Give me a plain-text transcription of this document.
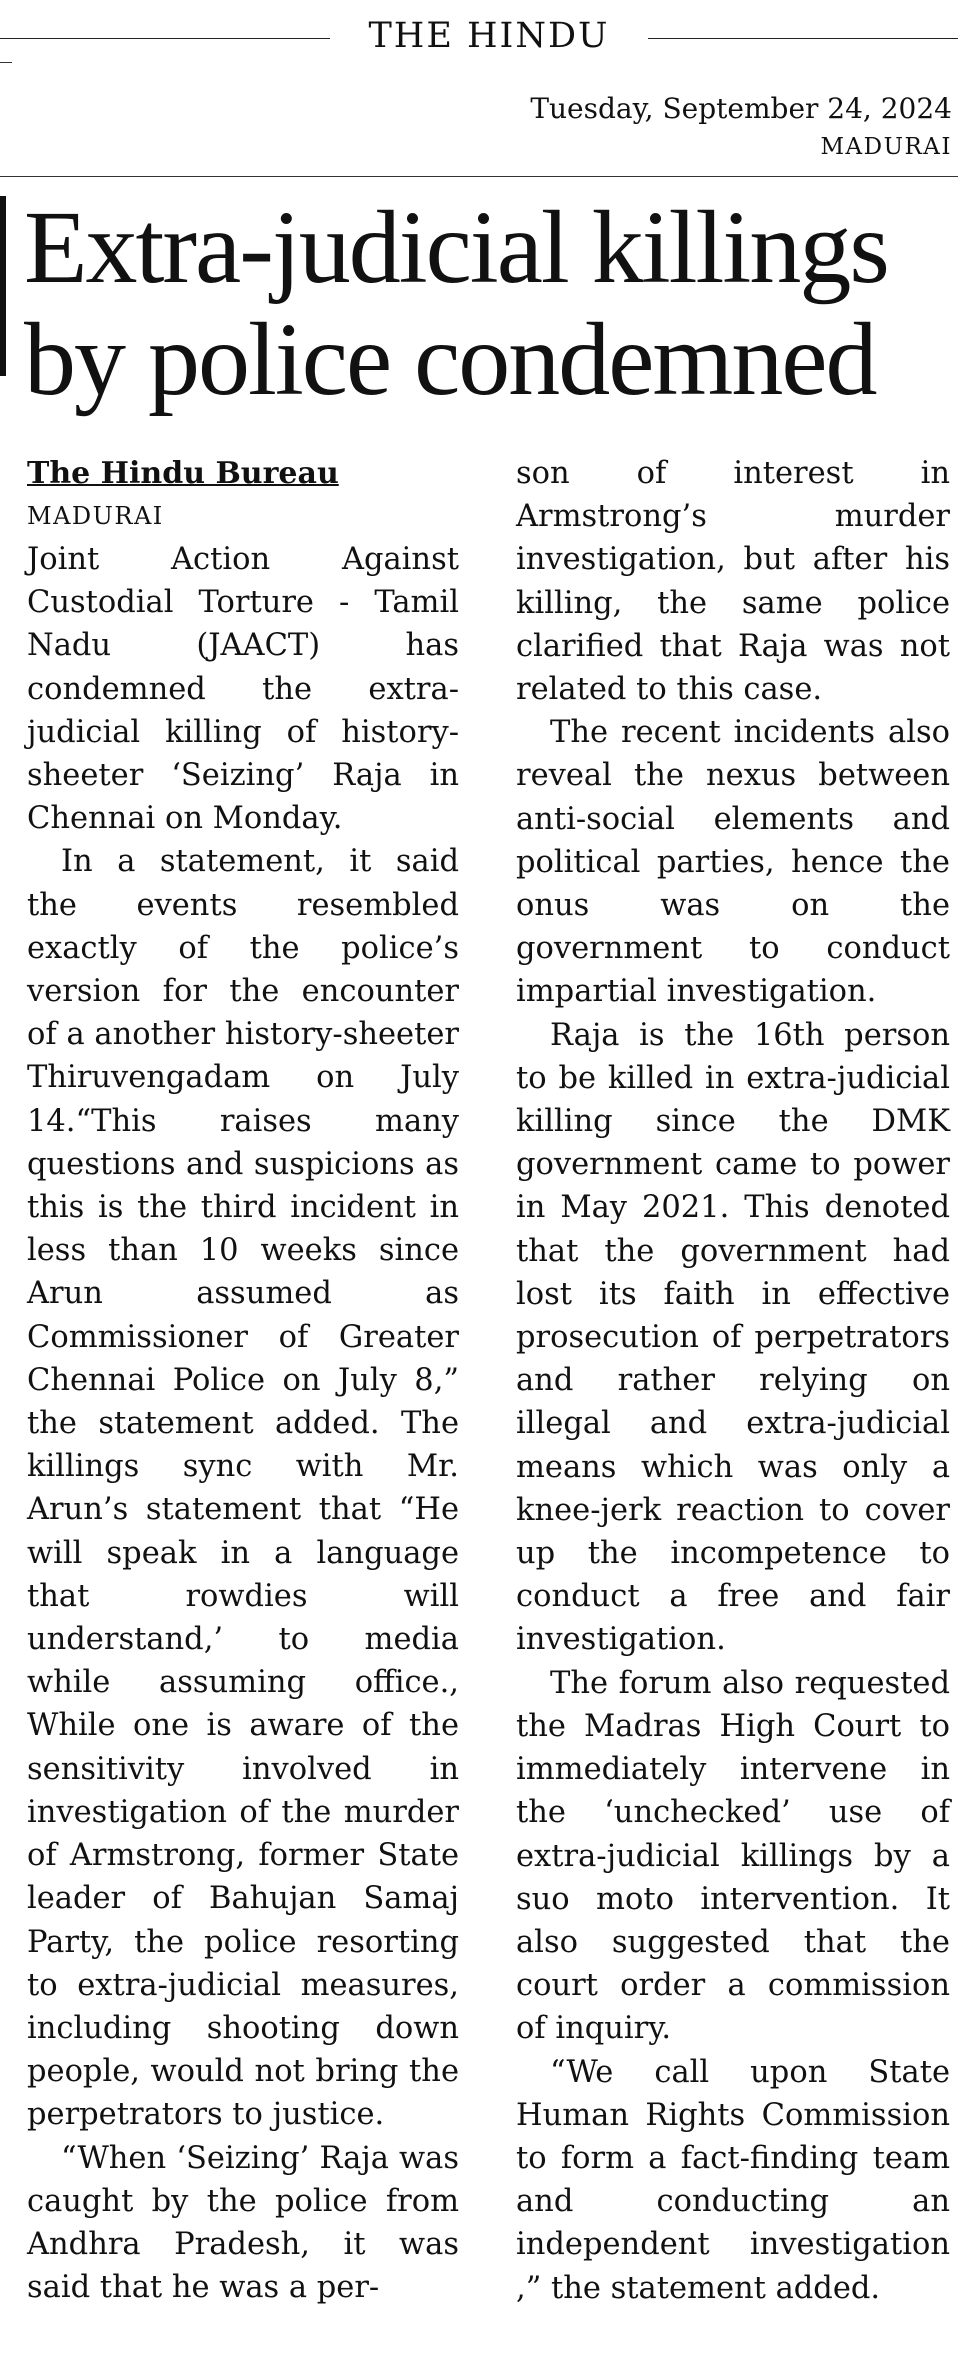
THE HINDU
Tuesday, September 24, 2024
MADURAI
Extra-judicial killings by police condemned

The Hindu Bureau

MADURAI

Joint Action Against Custodial Torture - Tamil Nadu (JAACT) has condemned the extra-judicial killing of history-sheeter ‘Seizing’ Raja in Chennai on Monday.

In a statement, it said the events resembled exactly of the police’s version for the encounter of a another history-sheeter Thiruvengadam on July 14.“This raises many questions and suspicions as this is the third incident in less than 10 weeks since Arun assumed as Commissioner of Greater Chennai Police on July 8,” the statement added. The killings sync with Mr. Arun’s statement that “He will speak in a language that rowdies will understand,’ to media while assuming office., While one is aware of the sensitivity involved in investigation of the murder of Armstrong, former State leader of Bahujan Samaj Party, the police resorting to extra-judicial measures, including shooting down people, would not bring the perpetrators to justice.

“When ‘Seizing’ Raja was caught by the police from Andhra Pradesh, it was said that he was a per-

son of interest in Armstrong’s murder investigation, but after his killing, the same police clarified that Raja was not related to this case.

The recent incidents also reveal the nexus between anti-social elements and political parties, hence the onus was on the government to conduct impartial investigation.

Raja is the 16th person to be killed in extra-judicial killing since the DMK government came to power in May 2021. This denoted that the government had lost its faith in effective prosecution of perpetrators and rather relying on illegal and extra-judicial means which was only a knee-jerk reaction to cover up the incompetence to conduct a free and fair investigation.

The forum also requested the Madras High Court to immediately intervene in the ‘unchecked’ use of extra-judicial killings by a suo moto intervention. It also suggested that the court order a commission of inquiry.

“We call upon State Human Rights Commission to form a fact-finding team and conducting an independent investigation ,” the statement added.
